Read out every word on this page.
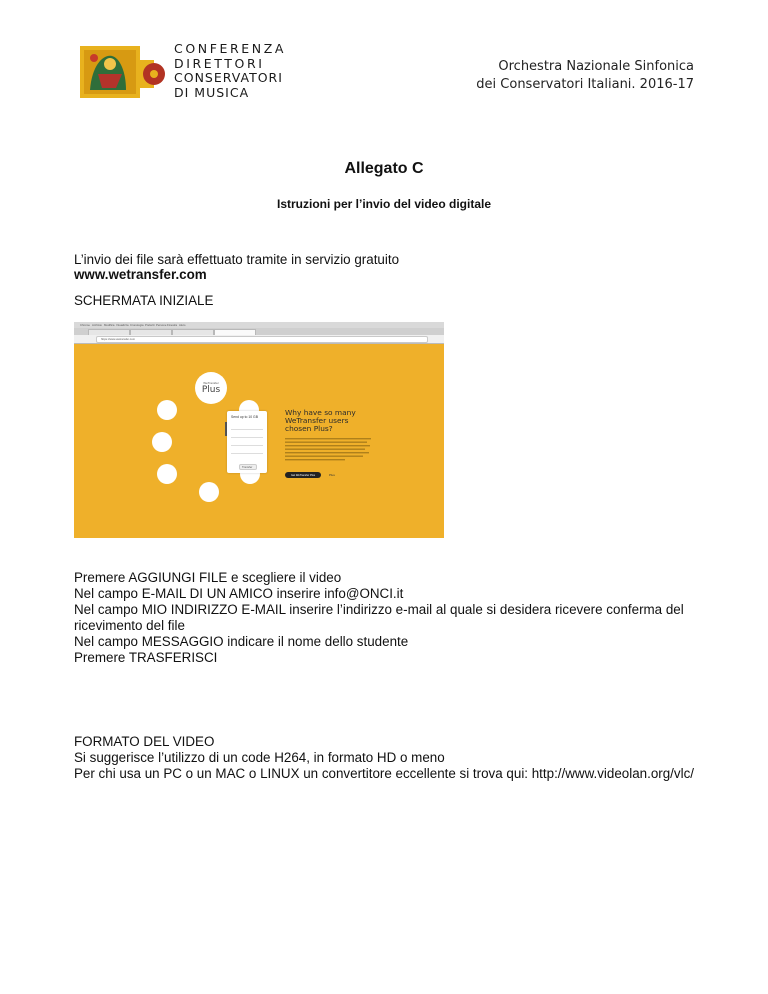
CONFERENZA
DIRETTORI
CONSERVATORI
DI MUSICA
Orchestra Nazionale Sinfonica
dei Conservatori Italiani. 2016-17
Allegato C
Istruzioni per l’invio del video digitale
L’invio dei file sarà effettuato tramite in servizio gratuito
www.wetransfer.com
SCHERMATA INIZIALE
Chrome Archivio Modifica Visualizza Cronologia Preferiti Persone Finestra Aiuto
https://www.wetransfer.com
WeTransfer
Plus
Send up to 10 GB
Transfer
Why have so many
WeTransfer users
chosen Plus?
Get WeTransfer Plus	Plus
Premere AGGIUNGI FILE e scegliere il video
Nel campo E-MAIL DI UN AMICO inserire info@ONCI.it
Nel campo MIO INDIRIZZO E-MAIL inserire l’indirizzo e-mail al quale si desidera ricevere conferma del
ricevimento del file
Nel campo MESSAGGIO indicare il nome dello studente
Premere TRASFERISCI
FORMATO DEL VIDEO
Si suggerisce l’utilizzo di un code H264, in formato HD o meno
Per chi usa un PC o un MAC o LINUX un convertitore eccellente si trova qui: http://www.videolan.org/vlc/
